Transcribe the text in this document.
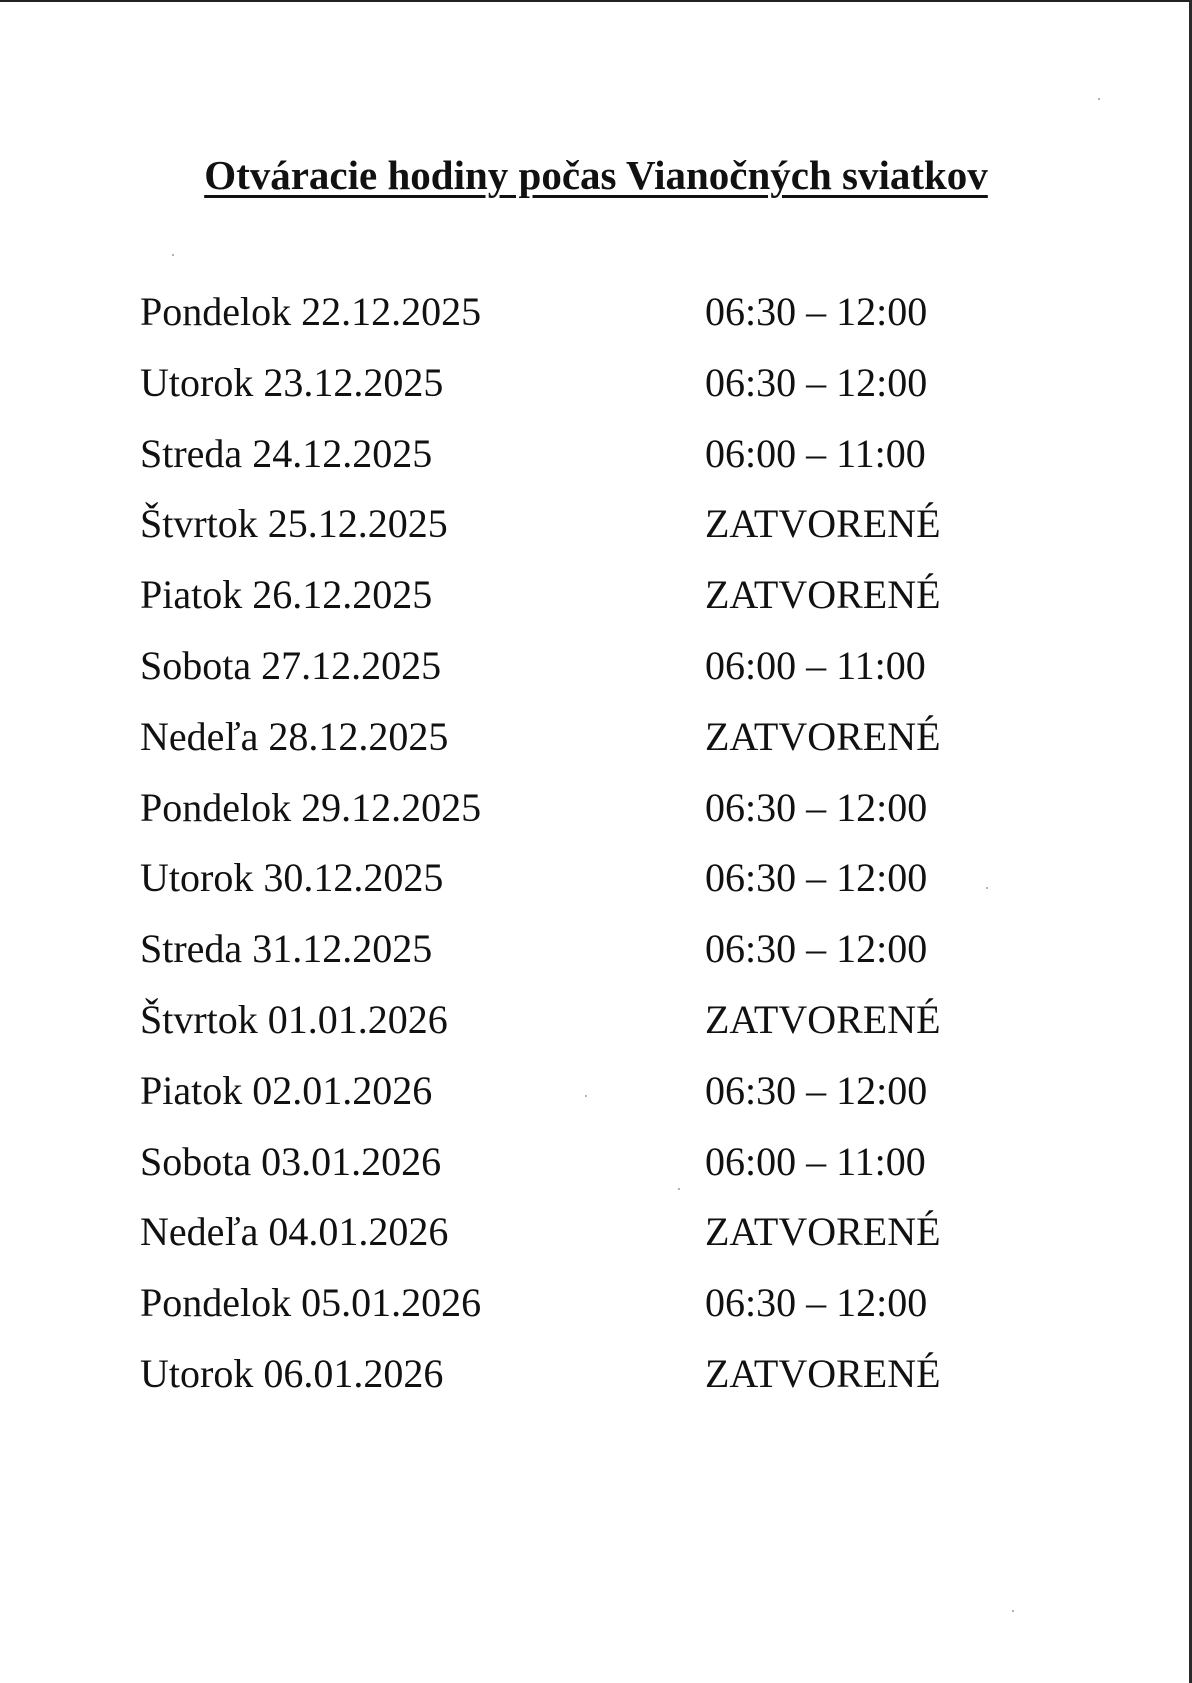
Otváracie hodiny počas Vianočných sviatkov
Pondelok 22.12.2025	06:30 – 12:00
Utorok 23.12.2025	06:30 – 12:00
Streda 24.12.2025	06:00 – 11:00
Štvrtok 25.12.2025	ZATVORENÉ
Piatok 26.12.2025	ZATVORENÉ
Sobota 27.12.2025	06:00 – 11:00
Nedeľa 28.12.2025	ZATVORENÉ
Pondelok 29.12.2025	06:30 – 12:00
Utorok 30.12.2025	06:30 – 12:00
Streda 31.12.2025	06:30 – 12:00
Štvrtok 01.01.2026	ZATVORENÉ
Piatok 02.01.2026	06:30 – 12:00
Sobota 03.01.2026	06:00 – 11:00
Nedeľa 04.01.2026	ZATVORENÉ
Pondelok 05.01.2026	06:30 – 12:00
Utorok 06.01.2026	ZATVORENÉ
